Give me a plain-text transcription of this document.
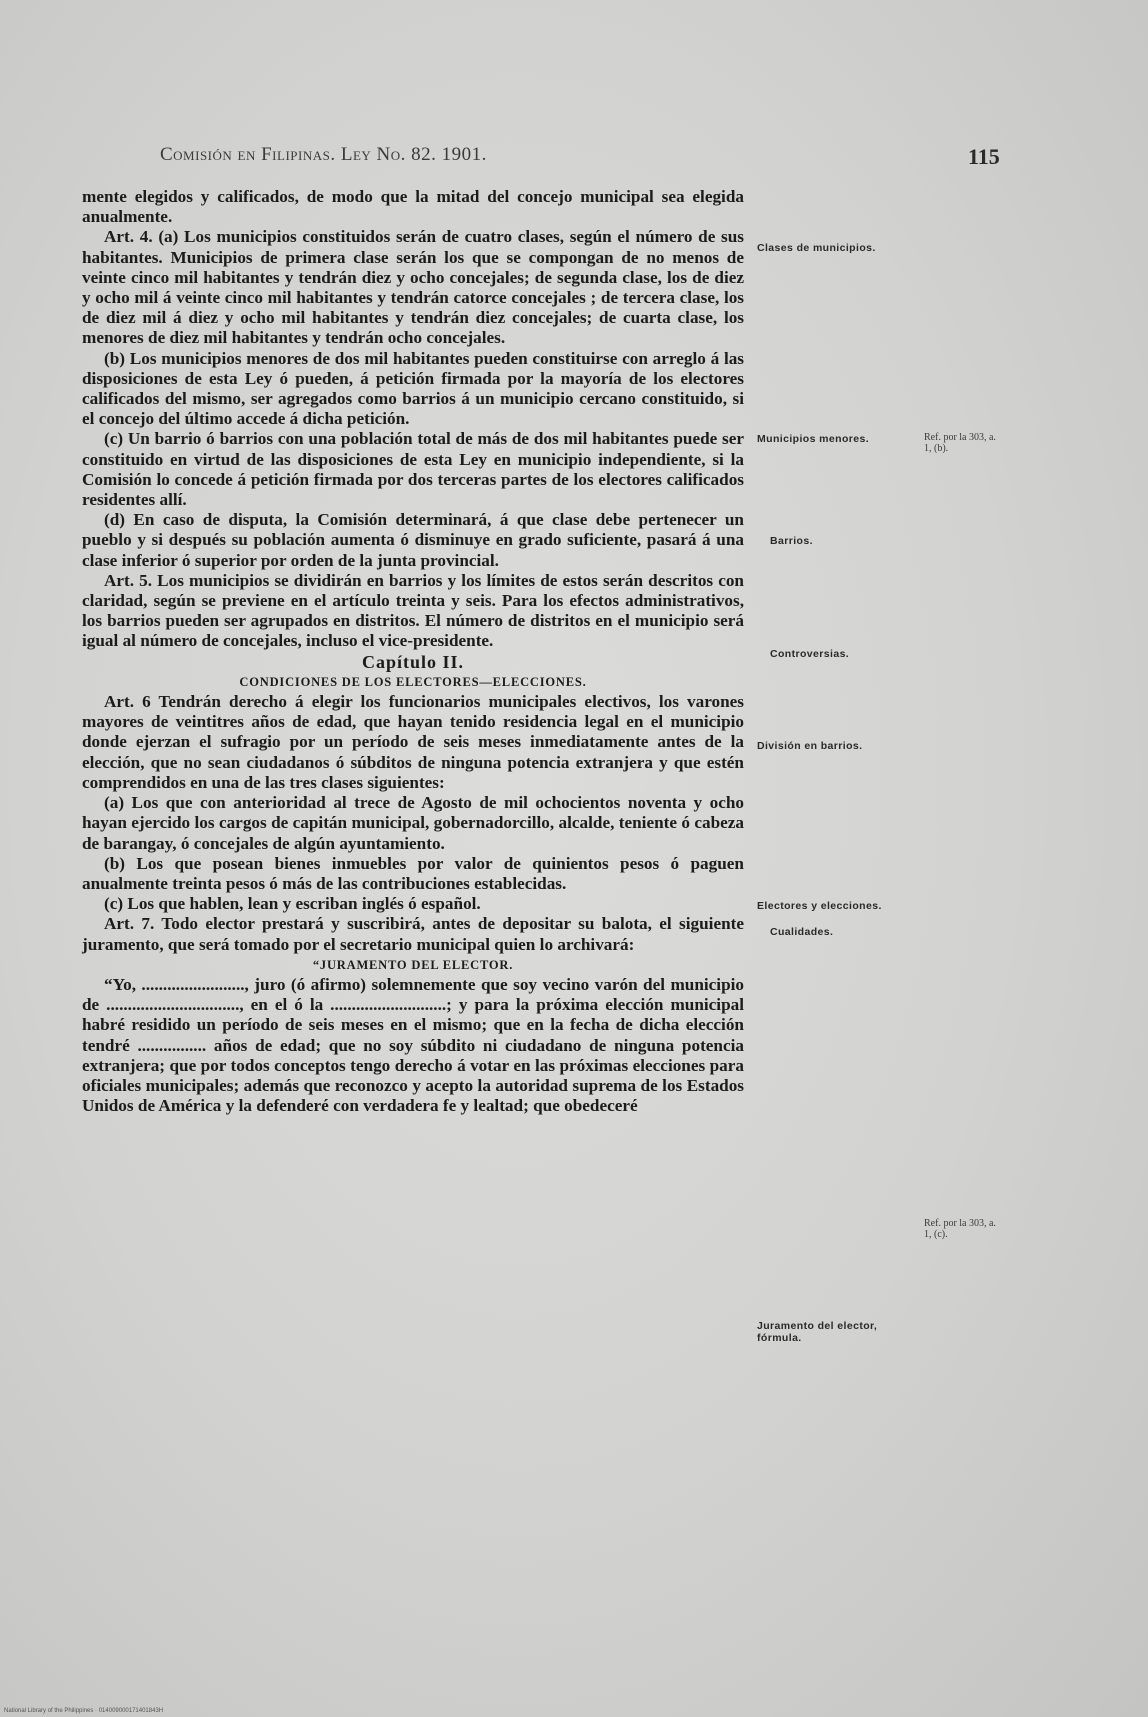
Comisión en Filipinas. Ley No. 82. 1901.	115

mente elegidos y calificados, de modo que la mitad del concejo municipal sea elegida anualmente.

Art. 4. (a) Los municipios constituidos serán de cuatro clases, según el número de sus habitantes. Municipios de primera clase serán los que se compongan de no menos de veinte cinco mil habitantes y tendrán diez y ocho concejales; de segunda clase, los de diez y ocho mil á veinte cinco mil habitantes y tendrán catorce concejales ; de tercera clase, los de diez mil á diez y ocho mil habitantes y tendrán diez concejales; de cuarta clase, los menores de diez mil habitantes y tendrán ocho concejales.

(b) Los municipios menores de dos mil habitantes pueden constituirse con arreglo á las disposiciones de esta Ley ó pueden, á petición firmada por la mayoría de los electores calificados del mismo, ser agregados como barrios á un municipio cercano constituido, si el concejo del último accede á dicha petición.

(c) Un barrio ó barrios con una población total de más de dos mil habitantes puede ser constituido en virtud de las disposiciones de esta Ley en municipio independiente, si la Comisión lo concede á petición firmada por dos terceras partes de los electores calificados residentes allí.

(d) En caso de disputa, la Comisión determinará, á que clase debe pertenecer un pueblo y si después su población aumenta ó disminuye en grado suficiente, pasará á una clase inferior ó superior por orden de la junta provincial.

Art. 5. Los municipios se dividirán en barrios y los límites de estos serán descritos con claridad, según se previene en el artículo treinta y seis. Para los efectos administrativos, los barrios pueden ser agrupados en distritos. El número de distritos en el municipio será igual al número de concejales, incluso el vice-presidente.

Capítulo II.

CONDICIONES DE LOS ELECTORES—ELECCIONES.

Art. 6 Tendrán derecho á elegir los funcionarios municipales electivos, los varones mayores de veintitres años de edad, que hayan tenido residencia legal en el municipio donde ejerzan el sufragio por un período de seis meses inmediatamente antes de la elección, que no sean ciudadanos ó súbditos de ninguna potencia extranjera y que estén comprendidos en una de las tres clases siguientes:

(a) Los que con anterioridad al trece de Agosto de mil ochocientos noventa y ocho hayan ejercido los cargos de capitán municipal, gobernadorcillo, alcalde, teniente ó cabeza de barangay, ó concejales de algún ayuntamiento.

(b) Los que posean bienes inmuebles por valor de quinientos pesos ó paguen anualmente treinta pesos ó más de las contribuciones establecidas.

(c) Los que hablen, lean y escriban inglés ó español.

Art. 7. Todo elector prestará y suscribirá, antes de depositar su balota, el siguiente juramento, que será tomado por el secretario municipal quien lo archivará:

“JURAMENTO DEL ELECTOR.

“Yo, ........................, juro (ó afirmo) solemnemente que soy vecino varón del municipio de ..............................., en el ó la ...........................; y para la próxima elección municipal habré residido un período de seis meses en el mismo; que en la fecha de dicha elección tendré ................ años de edad; que no soy súbdito ni ciudadano de ninguna potencia extranjera; que por todos conceptos tengo derecho á votar en las próximas elecciones para oficiales municipales; además que reconozco y acepto la autoridad suprema de los Estados Unidos de América y la defenderé con verdadera fe y lealtad; que obedeceré

Clases de municipios.
Municipios menores.	Ref. por la 303, a. 1, (b).
Barrios.
Controversias.
División en barrios.
Electores y elecciones.
Cualidades.
Ref. por la 303, a. 1, (c).
Juramento del elector, fórmula.
National Library of the Philippines · 014009000171401843H
